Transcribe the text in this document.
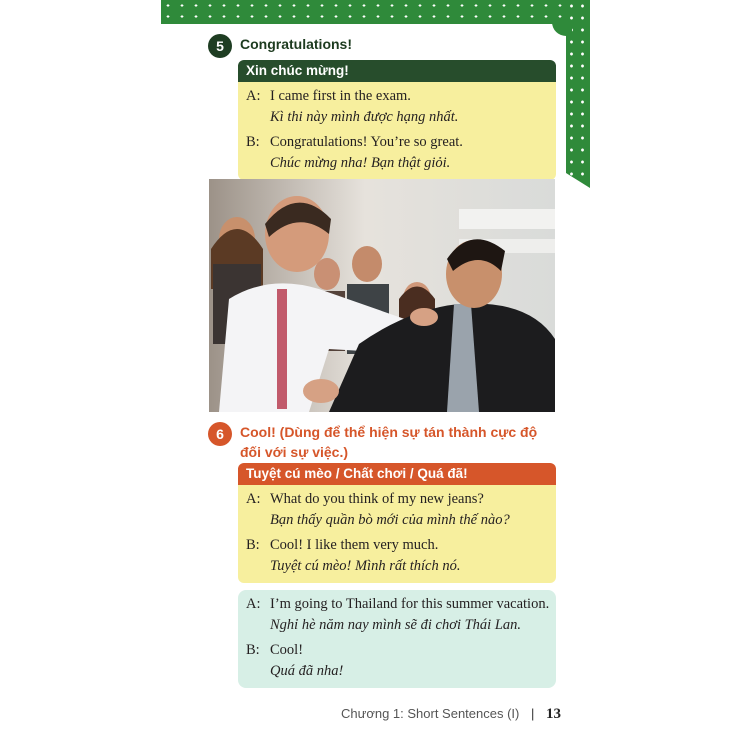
5	Congratulations!
Xin chúc mừng!
A: I came first in the exam.
Kì thi này mình được hạng nhất.
B: Congratulations! You’re so great.
Chúc mừng nha! Bạn thật giỏi.
6	Cool! (Dùng để thể hiện sự tán thành cực độ đối với sự việc.)
Tuyệt cú mèo / Chất chơi / Quá đã!
A: What do you think of my new jeans?
Bạn thấy quần bò mới của mình thế nào?
B: Cool! I like them very much.
Tuyệt cú mèo! Mình rất thích nó.
A: I’m going to Thailand for this summer vacation.
Nghỉ hè năm nay mình sẽ đi chơi Thái Lan.
B: Cool!
Quá đã nha!
Chương 1: Short Sentences (I) | 13
